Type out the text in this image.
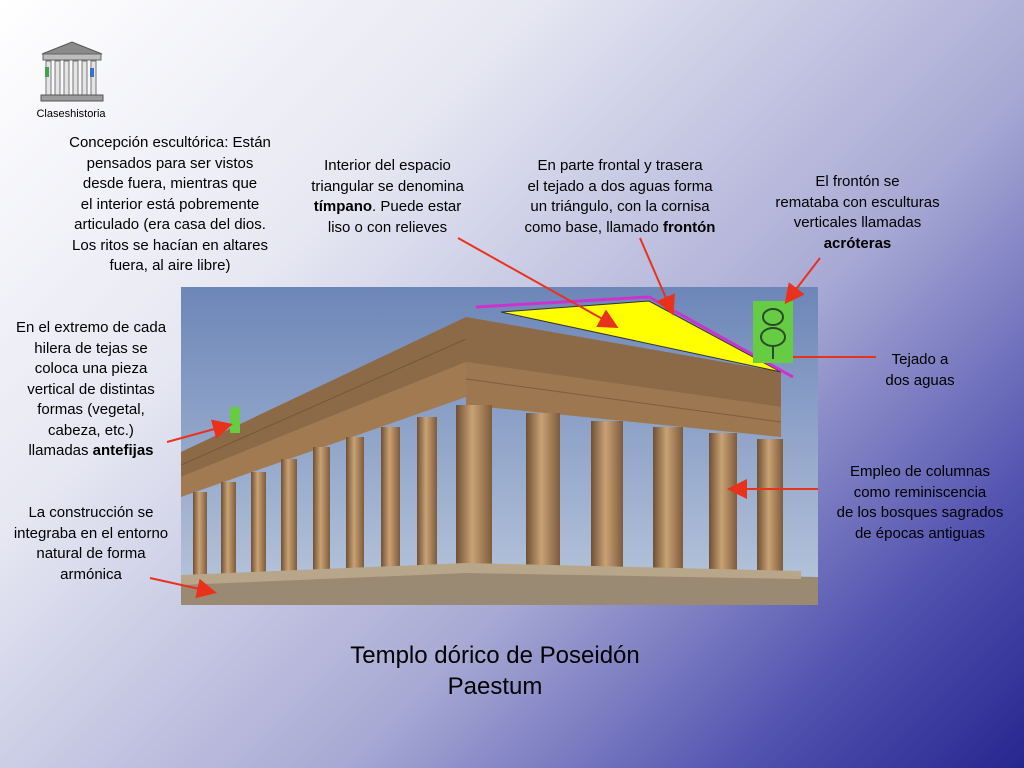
Claseshistoria
Concepción escultórica: Están
pensados para ser vistos
desde fuera, mientras que
el interior está pobremente
articulado (era casa del dios.
Los ritos se hacían en altares
fuera, al aire libre)
Interior del espacio
triangular se denomina
tímpano. Puede estar
liso o con relieves
En parte frontal y trasera
el tejado a dos aguas forma
un triángulo, con la cornisa
como base, llamado frontón
El frontón se
remataba con esculturas
verticales llamadas
acróteras
En el extremo de cada
hilera de tejas se
coloca una pieza
vertical de distintas
formas (vegetal,
cabeza, etc.)
llamadas antefijas
Tejado a
dos aguas
Empleo de columnas
como reminiscencia
de los bosques sagrados
de épocas antiguas
La construcción se
integraba en el entorno
natural de forma
armónica
Templo dórico de Poseidón
Paestum
